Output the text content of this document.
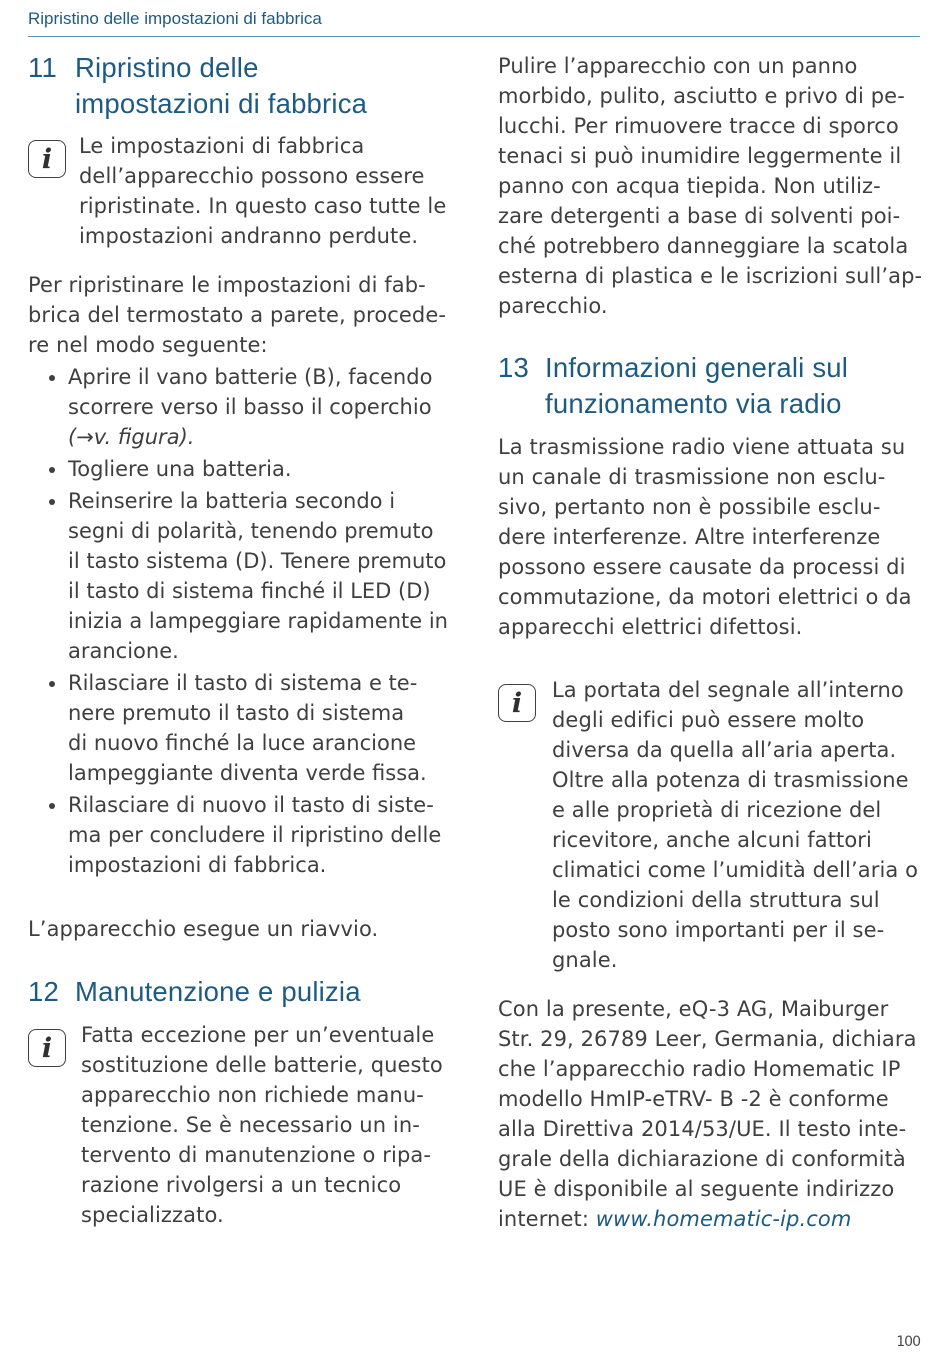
Ripristino delle impostazioni di fabbrica
11 Ripristino delle
impostazioni di fabbrica
i	Le impostazioni di fabbrica
dell’apparecchio possono essere
ripristinate. In questo caso tutte le
impostazioni andranno perdute.
Per ripristinare le impostazioni di fab-
brica del termostato a parete, procede-
re nel modo seguente:
Aprire il vano batterie (B), facendo
scorrere verso il basso il coperchio
(→v. figura).
Togliere una batteria.
Reinserire la batteria secondo i
segni di polarità, tenendo premuto
il tasto sistema (D). Tenere premuto
il tasto di sistema finché il LED (D)
inizia a lampeggiare rapidamente in
arancione.
Rilasciare il tasto di sistema e te-
nere premuto il tasto di sistema
di nuovo finché la luce arancione
lampeggiante diventa verde fissa.
Rilasciare di nuovo il tasto di siste-
ma per concludere il ripristino delle
impostazioni di fabbrica.
L’apparecchio esegue un riavvio.
12 Manutenzione e pulizia
i	Fatta eccezione per un’eventuale
sostituzione delle batterie, questo
apparecchio non richiede manu-
tenzione. Se è necessario un in-
tervento di manutenzione o ripa-
razione rivolgersi a un tecnico
specializzato.
Pulire l’apparecchio con un panno
morbido, pulito, asciutto e privo di pe-
lucchi. Per rimuovere tracce di sporco
tenaci si può inumidire leggermente il
panno con acqua tiepida. Non utiliz-
zare detergenti a base di solventi poi-
ché potrebbero danneggiare la scatola
esterna di plastica e le iscrizioni sull’ap-
parecchio.
13 Informazioni generali sul
funzionamento via radio
La trasmissione radio viene attuata su
un canale di trasmissione non esclu-
sivo, pertanto non è possibile esclu-
dere interferenze. Altre interferenze
possono essere causate da processi di
commutazione, da motori elettrici o da
apparecchi elettrici difettosi.
i	La portata del segnale all’interno
degli edifici può essere molto
diversa da quella all’aria aperta.
Oltre alla potenza di trasmissione
e alle proprietà di ricezione del
ricevitore, anche alcuni fattori
climatici come l’umidità dell’aria o
le condizioni della struttura sul
posto sono importanti per il se-
gnale.
Con la presente, eQ-3 AG, Maiburger
Str. 29, 26789 Leer, Germania, dichiara
che l’apparecchio radio Homematic IP
modello HmIP-eTRV- B -2 è conforme
alla Direttiva 2014/53/UE. Il testo inte-
grale della dichiarazione di conformità
UE è disponibile al seguente indirizzo
internet: www.homematic-ip.com
100
